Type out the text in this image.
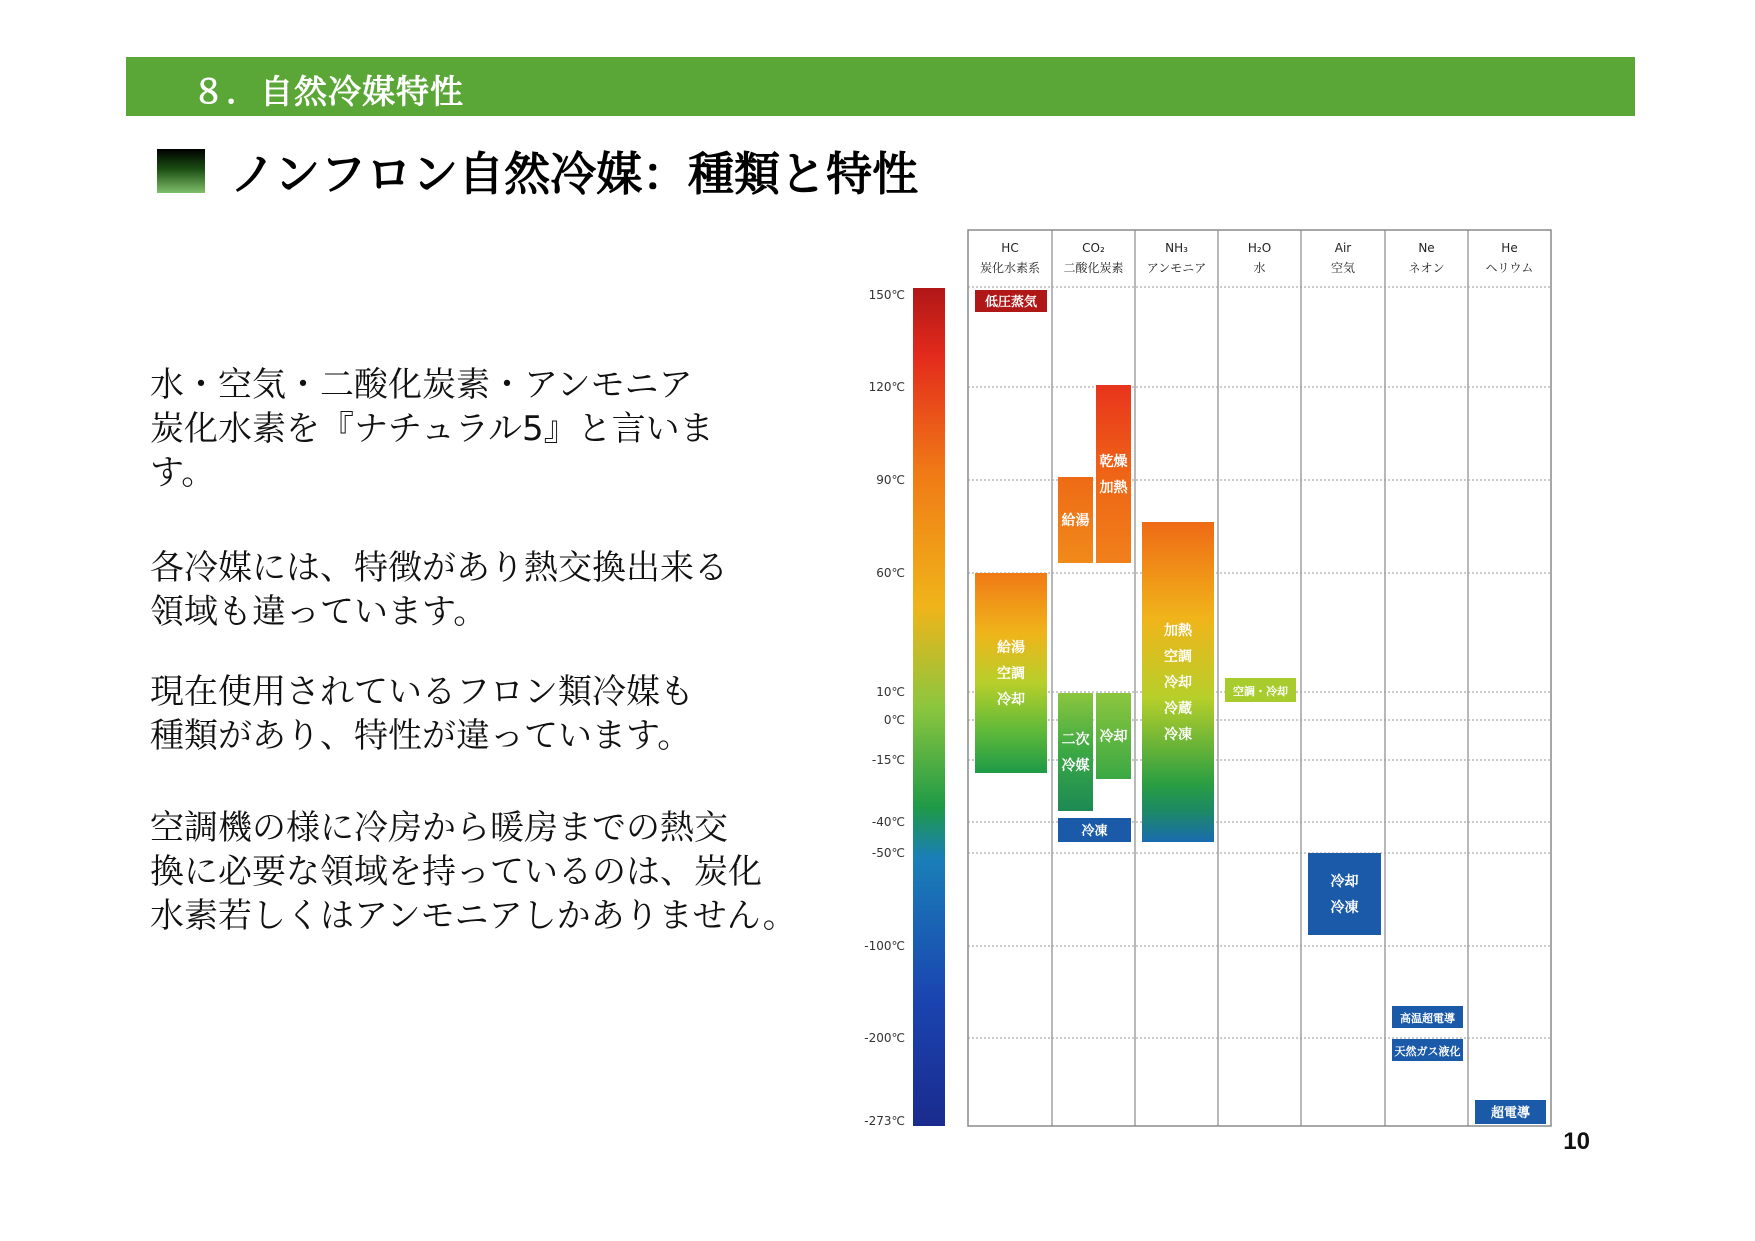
８．自然冷媒特性
ノンフロン自然冷媒：種類と特性
水・空気・二酸化炭素・アンモニア
炭化水素を『ナチュラル5』と言いま
す。
各冷媒には、特徴があり熱交換出来る
領域も違っています。
現在使用されているフロン類冷媒も
種類があり、特性が違っています。
空調機の様に冷房から暖房までの熱交
換に必要な領域を持っているのは、炭化
水素若しくはアンモニアしかありません。
150℃
120℃
90℃
60℃
10℃
0℃
-15℃
-40℃
-50℃
-100℃
-200℃
-273℃
HC
炭化水素系
CO₂
二酸化炭素
NH₃
アンモニア
H₂O
水
Air
空気
Ne
ネオン
He
ヘリウム
低圧蒸気
給湯
空調
冷却
給湯
乾燥
加熱
二次
冷媒
冷却
冷凍
加熱
空調
冷却
冷蔵
冷凍
空調・冷却
冷却
冷凍
高温超電導
天然ガス液化
超電導
10
